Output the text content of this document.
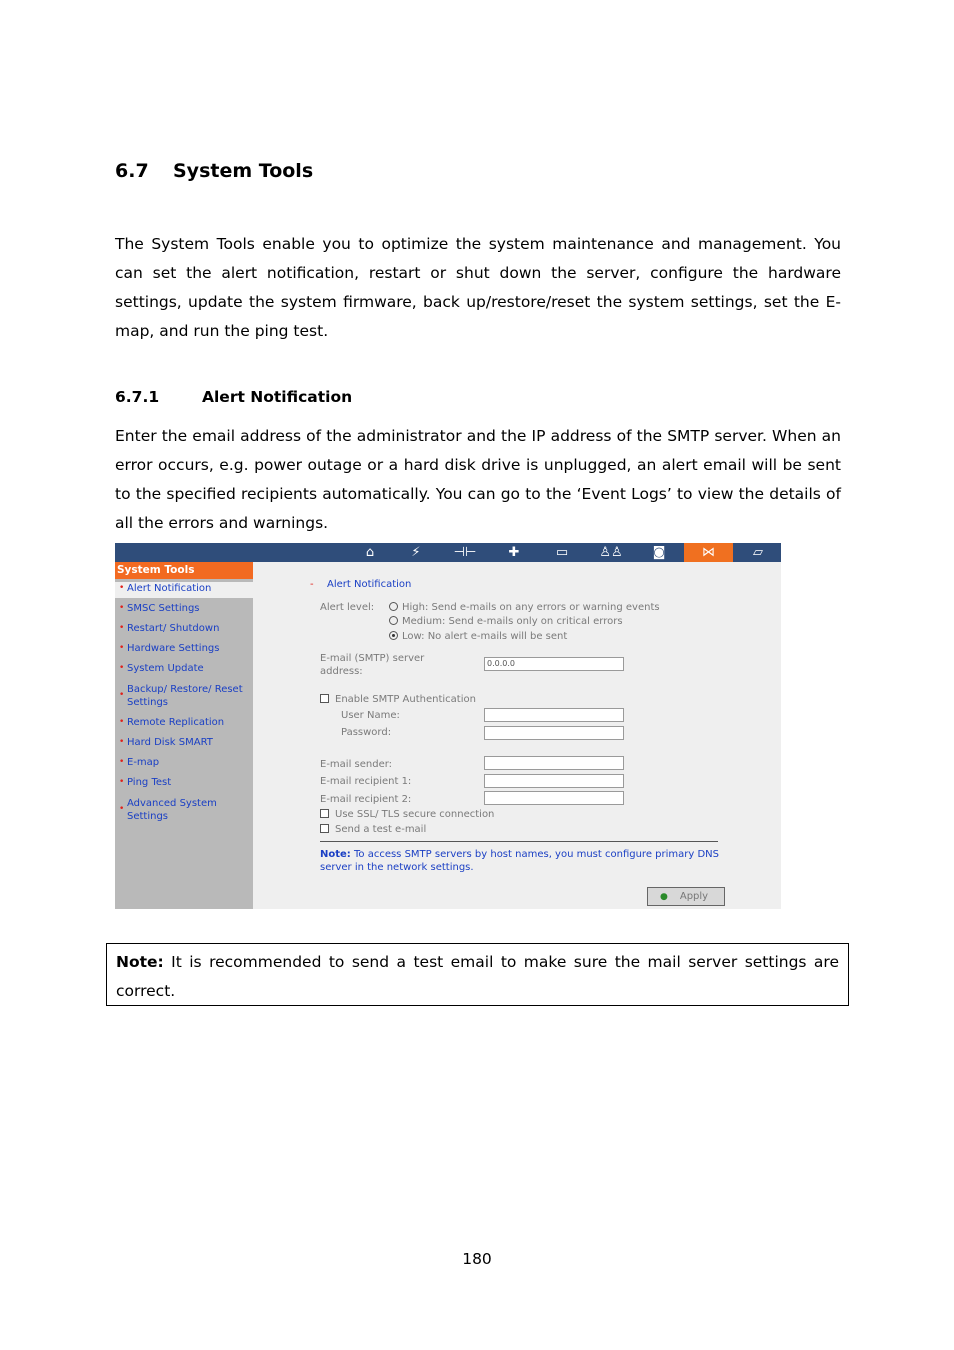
6.7 System Tools
The System Tools enable you to optimize the system maintenance and management. You can set the alert notification, restart or shut down the server, configure the hardware settings, update the system firmware, back up/restore/reset the system settings, set the E-map, and run the ping test.
6.7.1	Alert Notification
Enter the email address of the administrator and the IP address of the SMTP server. When an error occurs, e.g. power outage or a hard disk drive is unplugged, an alert email will be sent to the specified recipients automatically. You can go to the ‘Event Logs’ to view the details of all the errors and warnings.
⌂	⚡	⊣⊢	✚	▭	♙♙	◙	⋈	▱
System Tools
• Alert Notification
• SMSC Settings
• Restart/ Shutdown
• Hardware Settings
• System Update
• Backup/ Restore/ Reset Settings
• Remote Replication
• Hard Disk SMART
• E-map
• Ping Test
• Advanced System Settings
- Alert Notification
Alert level:	High: Send e-mails on any errors or warning events
Medium: Send e-mails only on critical errors
Low: No alert e-mails will be sent
E-mail (SMTP) server address:
0.0.0.0
Enable SMTP Authentication
User Name:
Password:
E-mail sender:
E-mail recipient 1:
E-mail recipient 2:
Use SSL/ TLS secure connection
Send a test e-mail
Note: To access SMTP servers by host names, you must configure primary DNS server in the network settings.
● Apply
Note: It is recommended to send a test email to make sure the mail server settings are correct.
180
